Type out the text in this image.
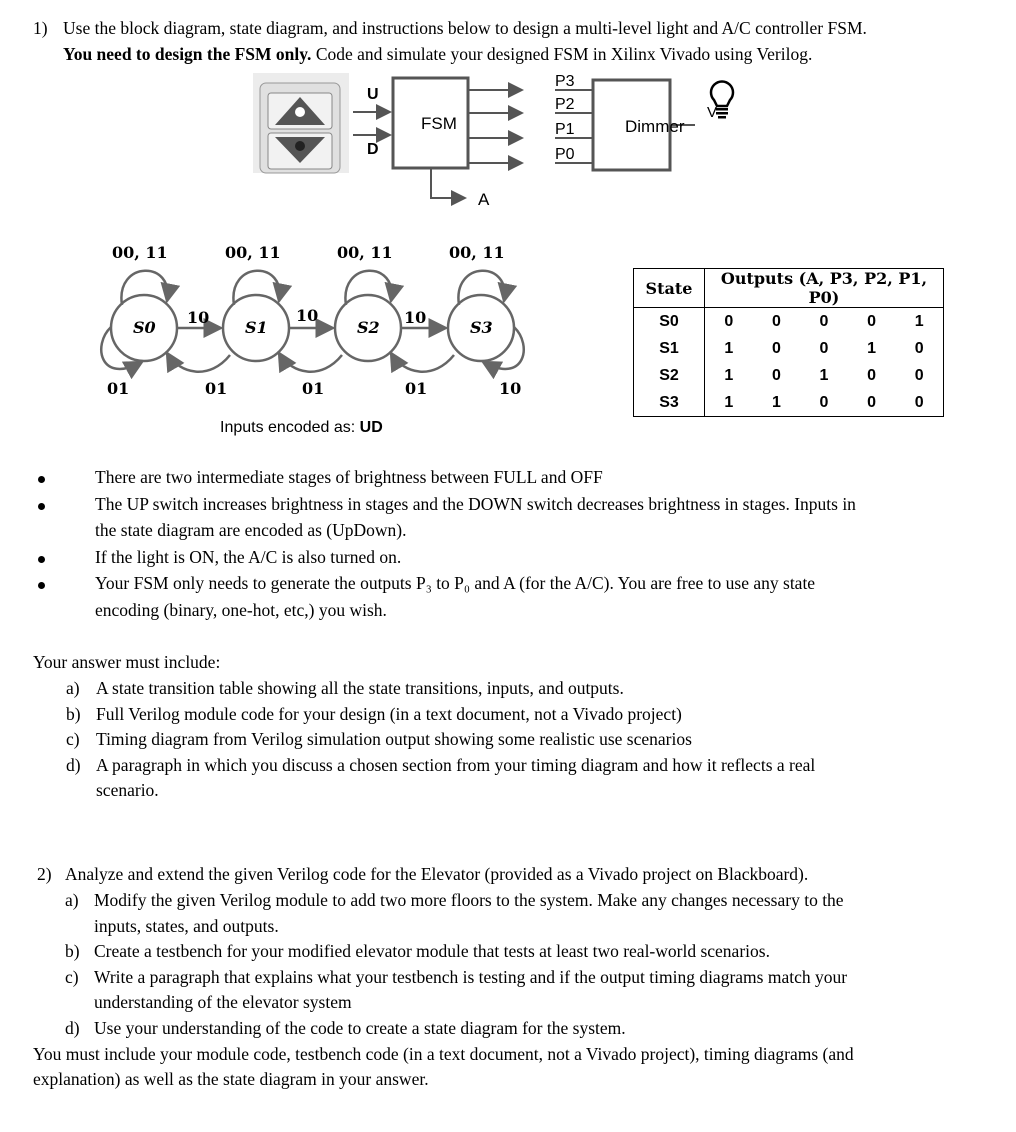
1) Use the block diagram, state diagram, and instructions below to design a multi-level light and A/C controller FSM.
You need to design the FSM only. Code and simulate your designed FSM in Xilinx Vivado using Verilog.
U
D
FSM
P3
P2
P1
P0
Dimmer
V
A
00, 11	00, 11	00, 11	00, 11
S0	S1	S2	S3
10	10	10
01	01	01	01	10
Inputs encoded as: UD
State	Outputs (A, P3, P2, P1, P0)				
S0	0	0	0	0	1
S1	1	0	0	1	0
S2	1	0	1	0	0
S3	1	1	0	0	0
Your answer must include:
2) Analyze and extend the given Verilog code for the Elevator (provided as a Vivado project on Blackboard).
You must include your module code, testbench code (in a text document, not a Vivado project), timing diagrams (and
explanation) as well as the state diagram in your answer.
There are two intermediate stages of brightness between FULL and OFF
The UP switch increases brightness in stages and the DOWN switch decreases brightness in stages. Inputs in
the state diagram are encoded as (UpDown).
If the light is ON, the A/C is also turned on.
Your FSM only needs to generate the outputs P₃ to P₀ and A (for the A/C). You are free to use any state
encoding (binary, one-hot, etc,) you wish.
a) A state transition table showing all the state transitions, inputs, and outputs.
b) Full Verilog module code for your design (in a text document, not a Vivado project)
c) Timing diagram from Verilog simulation output showing some realistic use scenarios
d) A paragraph in which you discuss a chosen section from your timing diagram and how it reflects a real
scenario.
a) Modify the given Verilog module to add two more floors to the system. Make any changes necessary to the
inputs, states, and outputs.
b) Create a testbench for your modified elevator module that tests at least two real-world scenarios.
c) Write a paragraph that explains what your testbench is testing and if the output timing diagrams match your
understanding of the elevator system
d) Use your understanding of the code to create a state diagram for the system.
